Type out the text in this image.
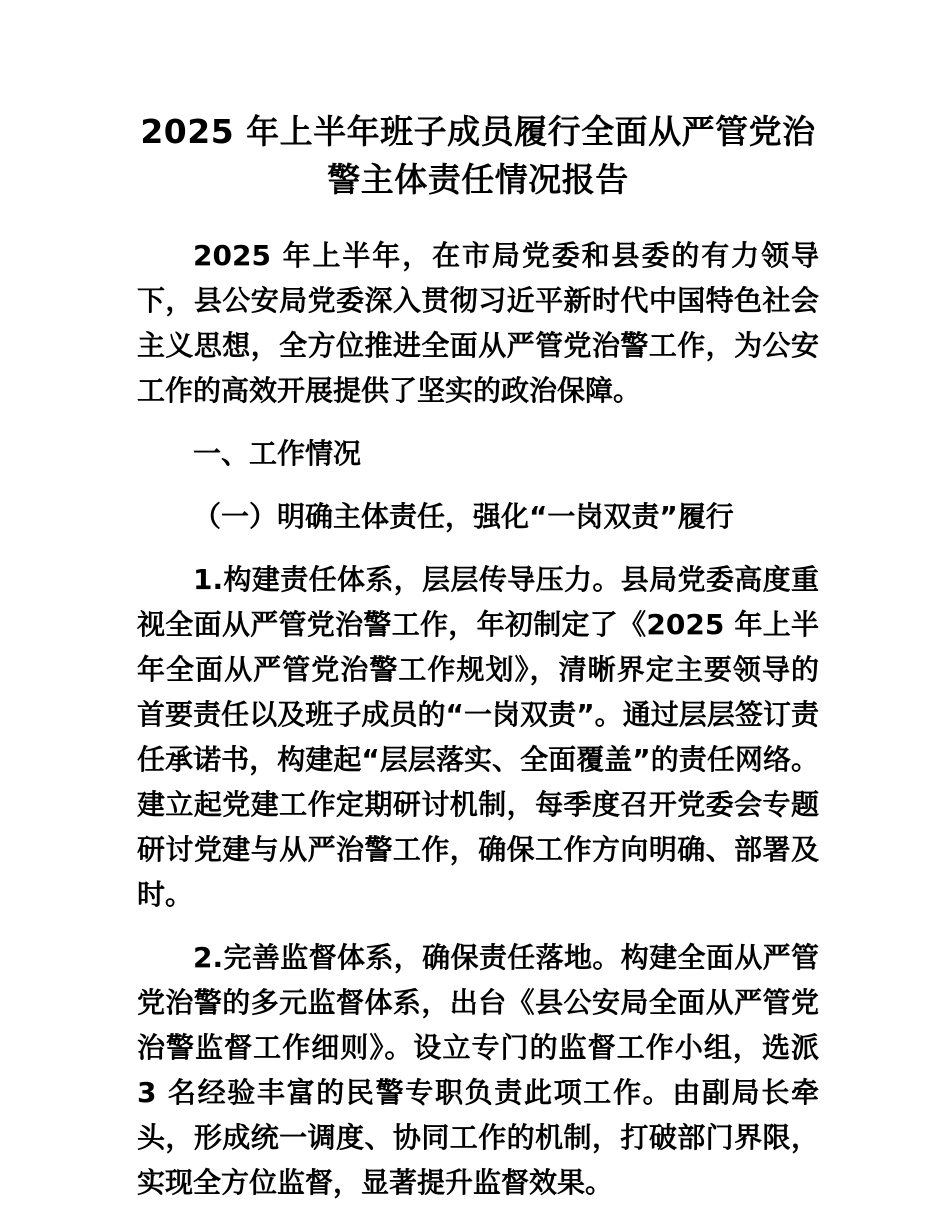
2025 年上半年班子成员履行全面从严管党治警主体责任情况报告

2025 年上半年，在市局党委和县委的有力领导下，县公安局党委深入贯彻习近平新时代中国特色社会主义思想，全方位推进全面从严管党治警工作，为公安工作的高效开展提供了坚实的政治保障。

一、工作情况

（一）明确主体责任，强化“一岗双责”履行

1.构建责任体系，层层传导压力。县局党委高度重视全面从严管党治警工作，年初制定了《2025 年上半年全面从严管党治警工作规划》，清晰界定主要领导的首要责任以及班子成员的“一岗双责”。通过层层签订责任承诺书，构建起“层层落实、全面覆盖”的责任网络。建立起党建工作定期研讨机制，每季度召开党委会专题研讨党建与从严治警工作，确保工作方向明确、部署及时。

2.完善监督体系，确保责任落地。构建全面从严管党治警的多元监督体系，出台《县公安局全面从严管党治警监督工作细则》。设立专门的监督工作小组，选派 3 名经验丰富的民警专职负责此项工作。由副局长牵头，形成统一调度、协同工作的机制，打破部门界限，实现全方位监督，显著提升监督效果。
